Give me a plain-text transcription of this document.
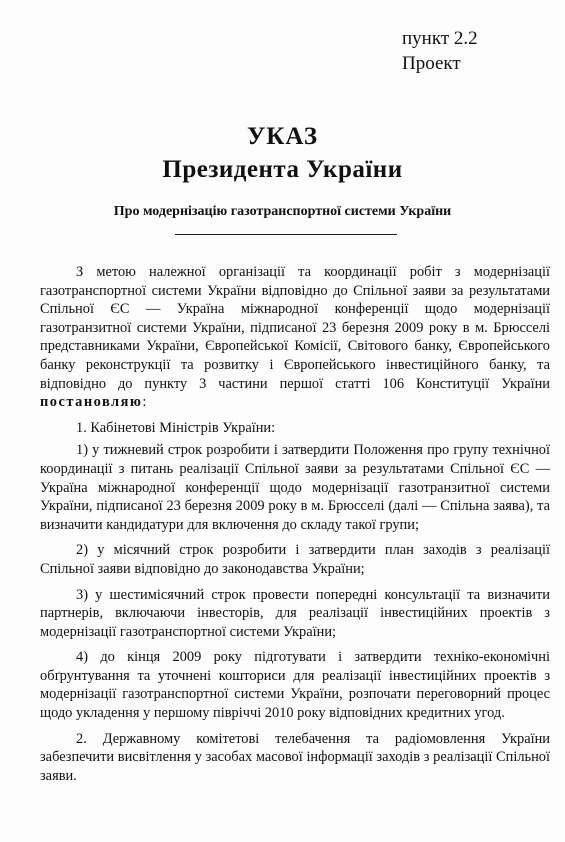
пункт 2.2
Проект
УКАЗ
Президента України
Про модернізацію газотранспортної системи України

З метою належної організації та координації робіт з модернізації газотранспортної системи України відповідно до Спільної заяви за результатами Спільної ЄС — Україна міжнародної конференції щодо модернізації газотранзитної системи України, підписаної 23 березня 2009 року в м. Брюсселі представниками України, Європейської Комісії, Світового банку, Європейського банку реконструкції та розвитку і Європейського інвестиційного банку, та відповідно до пункту 3 частини першої статті 106 Конституції України постановляю:

1. Кабінетові Міністрів України:

1) у тижневий строк розробити і затвердити Положення про групу технічної координації з питань реалізації Спільної заяви за результатами Спільної ЄС — Україна міжнародної конференції щодо модернізації газотранзитної системи України, підписаної 23 березня 2009 року в м. Брюсселі (далі — Спільна заява), та визначити кандидатури для включення до складу такої групи;

2) у місячний строк розробити і затвердити план заходів з реалізації Спільної заяви відповідно до законодавства України;

3) у шестимісячний строк провести попередні консультації та визначити партнерів, включаючи інвесторів, для реалізації інвестиційних проектів з модернізації газотранспортної системи України;

4) до кінця 2009 року підготувати і затвердити техніко-економічні обґрунтування та уточнені кошториси для реалізації інвестиційних проектів з модернізації газотранспортної системи України, розпочати переговорний процес щодо укладення у першому півріччі 2010 року відповідних кредитних угод.

2. Державному комітетові телебачення та радіомовлення України забезпечити висвітлення у засобах масової інформації заходів з реалізації Спільної заяви.
